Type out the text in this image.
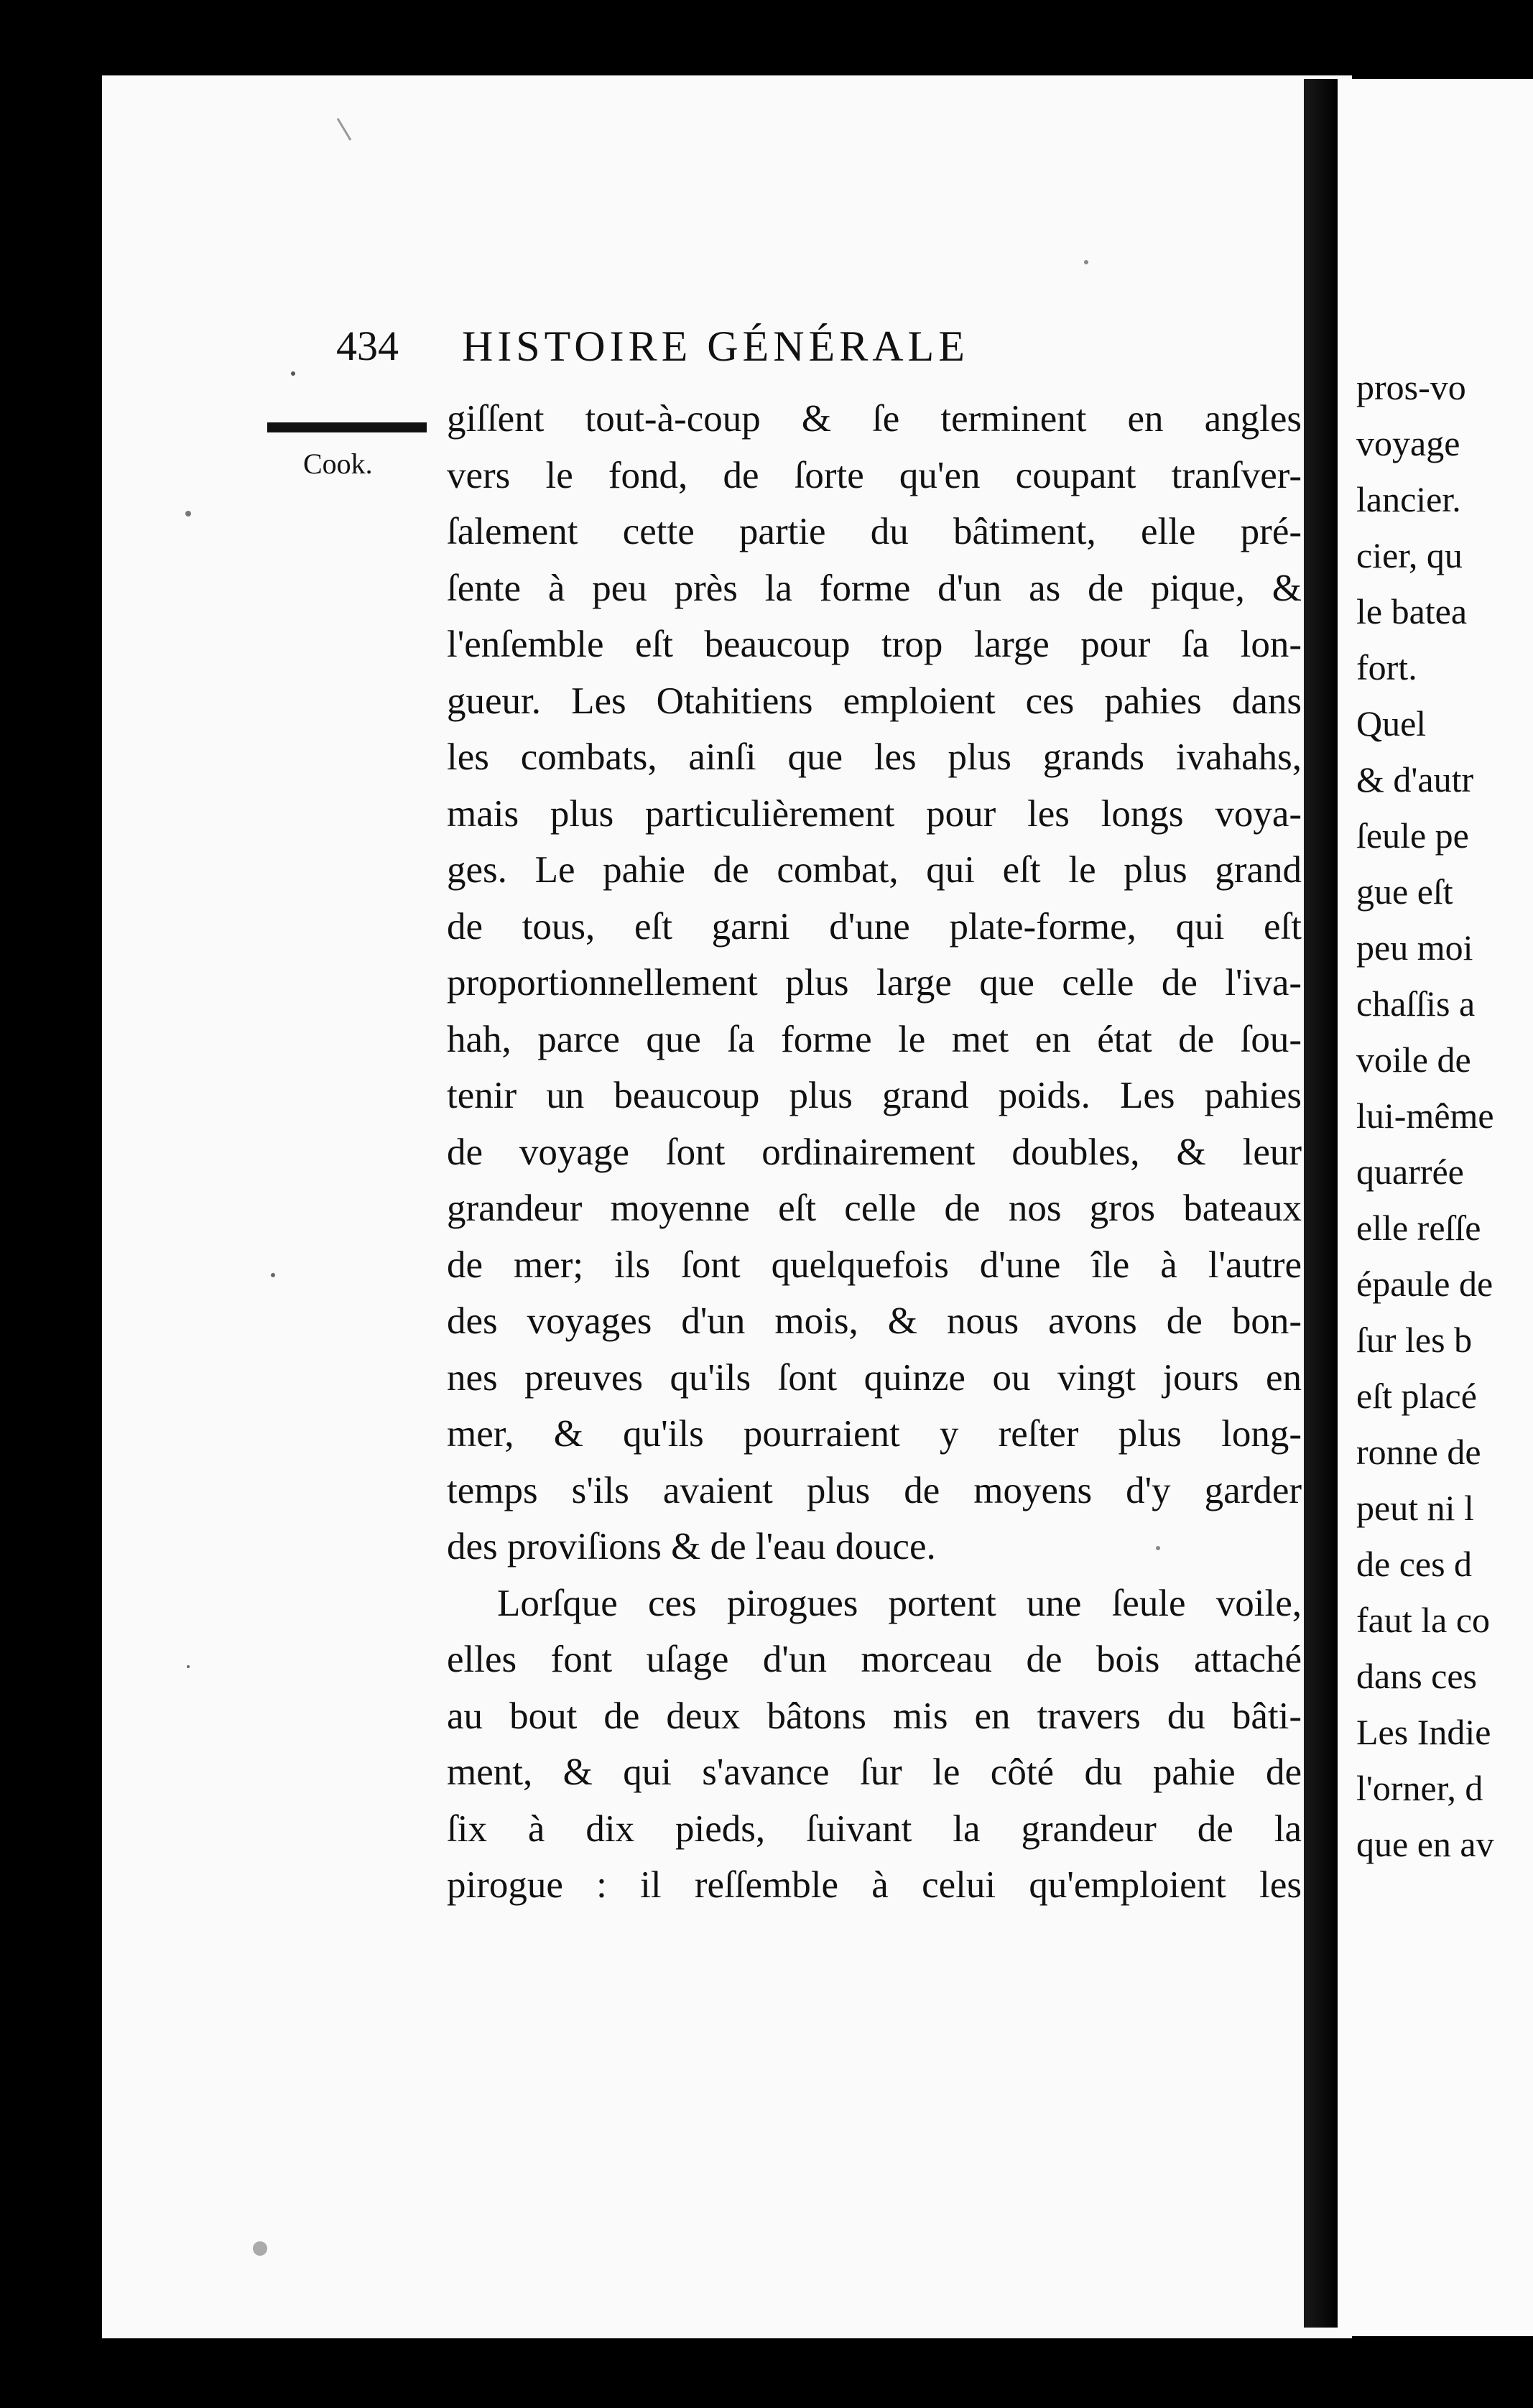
434 HISTOIRE GÉNÉRALE
Cook.
giſſent tout-à-coup & ſe terminent en angles
vers le fond, de ſorte qu'en coupant tranſver-
ſalement cette partie du bâtiment, elle pré-
ſente à peu près la forme d'un as de pique, &
l'enſemble eſt beaucoup trop large pour ſa lon-
gueur. Les Otahitiens emploient ces pahies dans
les combats, ainſi que les plus grands ivahahs,
mais plus particulièrement pour les longs voya-
ges. Le pahie de combat, qui eſt le plus grand
de tous, eſt garni d'une plate-forme, qui eſt
proportionnellement plus large que celle de l'iva-
hah, parce que ſa forme le met en état de ſou-
tenir un beaucoup plus grand poids. Les pahies
de voyage ſont ordinairement doubles, & leur
grandeur moyenne eſt celle de nos gros bateaux
de mer; ils ſont quelquefois d'une île à l'autre
des voyages d'un mois, & nous avons de bon-
nes preuves qu'ils ſont quinze ou vingt jours en
mer, & qu'ils pourraient y reſter plus long-
temps s'ils avaient plus de moyens d'y garder
des proviſions & de l'eau douce.
Lorſque ces pirogues portent une ſeule voile,
elles font uſage d'un morceau de bois attaché
au bout de deux bâtons mis en travers du bâti-
ment, & qui s'avance ſur le côté du pahie de
ſix à dix pieds, ſuivant la grandeur de la
pirogue : il reſſemble à celui qu'emploient les
pros-vo
voyage
lancier.
cier, qu
le batea
fort.
Quel
& d'autr
ſeule pe
gue eſt
peu moi
chaſſis a
voile de
lui-même
quarrée
elle reſſe
épaule de
ſur les b
eſt placé
ronne de
peut ni l
de ces d
faut la co
dans ces
Les Indie
l'orner, d
que en av
